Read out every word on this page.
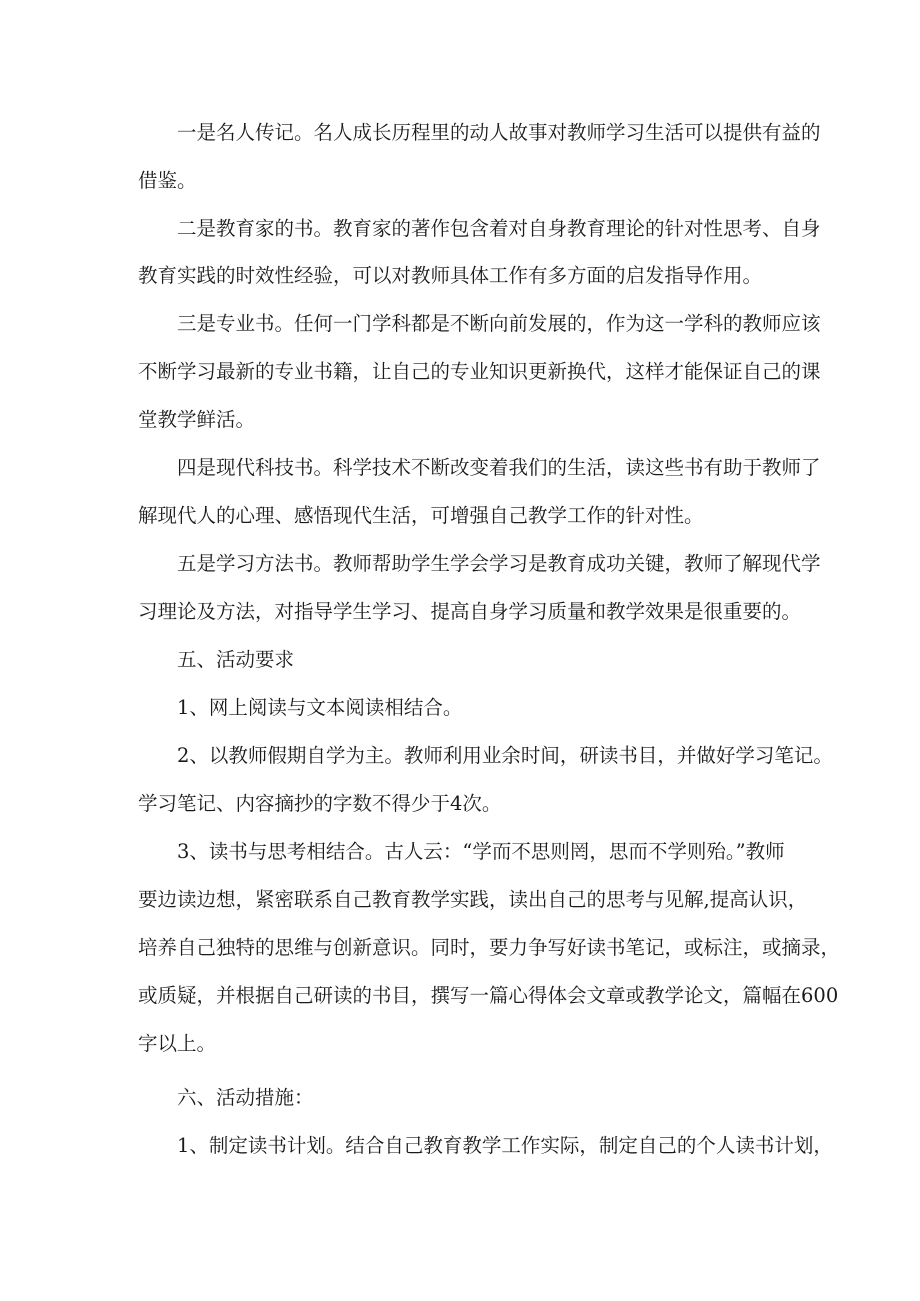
一是名人传记。名人成长历程里的动人故事对教师学习生活可以提供有益的
借鉴。
二是教育家的书。教育家的著作包含着对自身教育理论的针对性思考、自身
教育实践的时效性经验，可以对教师具体工作有多方面的启发指导作用。
三是专业书。任何一门学科都是不断向前发展的，作为这一学科的教师应该
不断学习最新的专业书籍，让自己的专业知识更新换代，这样才能保证自己的课
堂教学鲜活。
四是现代科技书。科学技术不断改变着我们的生活，读这些书有助于教师了
解现代人的心理、感悟现代生活，可增强自己教学工作的针对性。
五是学习方法书。教师帮助学生学会学习是教育成功关键，教师了解现代学
习理论及方法，对指导学生学习、提高自身学习质量和教学效果是很重要的。
五、活动要求
1、网上阅读与文本阅读相结合。
2、以教师假期自学为主。教师利用业余时间，研读书目，并做好学习笔记。
学习笔记、内容摘抄的字数不得少于4次。
3、读书与思考相结合。古人云：“学而不思则罔，思而不学则殆。”教师
要边读边想，紧密联系自己教育教学实践，读出自己的思考与见解,提高认识，
培养自己独特的思维与创新意识。同时，要力争写好读书笔记，或标注，或摘录，
或质疑，并根据自己研读的书目，撰写一篇心得体会文章或教学论文，篇幅在600
字以上。
六、活动措施：
1、制定读书计划。结合自己教育教学工作实际，制定自己的个人读书计划，
